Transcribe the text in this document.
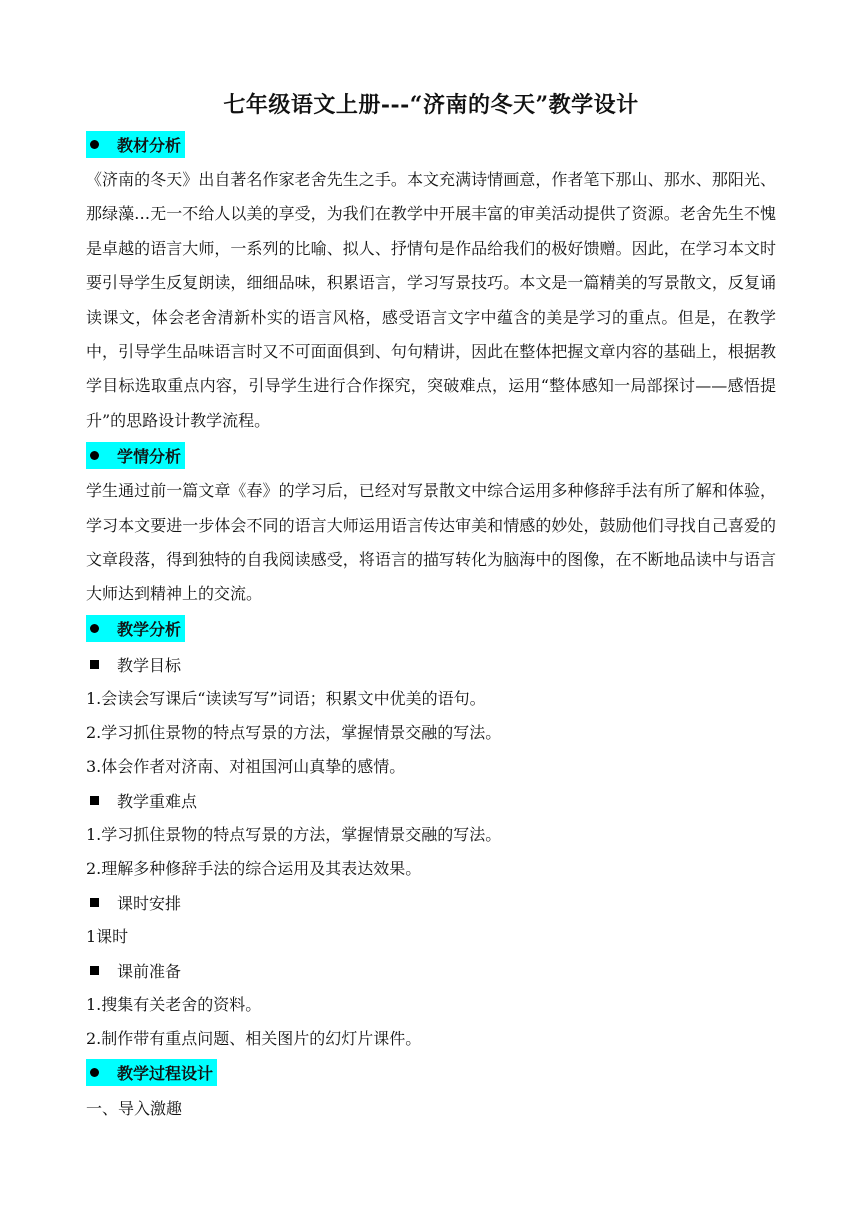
七年级语文上册---“济南的冬天”教学设计
教材分析

《济南的冬天》出自著名作家老舍先生之手。本文充满诗情画意，作者笔下那山、那水、那阳光、那绿藻…无一不给人以美的享受，为我们在教学中开展丰富的审美活动提供了资源。老舍先生不愧是卓越的语言大师，一系列的比喻、拟人、抒情句是作品给我们的极好馈赠。因此，在学习本文时要引导学生反复朗读，细细品味，积累语言，学习写景技巧。本文是一篇精美的写景散文，反复诵读课文，体会老舍清新朴实的语言风格，感受语言文字中蕴含的美是学习的重点。但是，在教学中，引导学生品味语言时又不可面面俱到、句句精讲，因此在整体把握文章内容的基础上，根据教学目标选取重点内容，引导学生进行合作探究，突破难点，运用“整体感知一局部探讨——感悟提升”的思路设计教学流程。

学情分析

学生通过前一篇文章《春》的学习后，已经对写景散文中综合运用多种修辞手法有所了解和体验，学习本文要进一步体会不同的语言大师运用语言传达审美和情感的妙处，鼓励他们寻找自己喜爱的文章段落，得到独特的自我阅读感受，将语言的描写转化为脑海中的图像，在不断地品读中与语言大师达到精神上的交流。

教学分析
教学目标
1.会读会写课后“读读写写”词语；积累文中优美的语句。
2.学习抓住景物的特点写景的方法，掌握情景交融的写法。
3.体会作者对济南、对祖国河山真挚的感情。
教学重难点
1.学习抓住景物的特点写景的方法，掌握情景交融的写法。
2.理解多种修辞手法的综合运用及其表达效果。
课时安排
1课时
课前准备
1.搜集有关老舍的资料。
2.制作带有重点问题、相关图片的幻灯片课件。
教学过程设计
一、导入激趣
